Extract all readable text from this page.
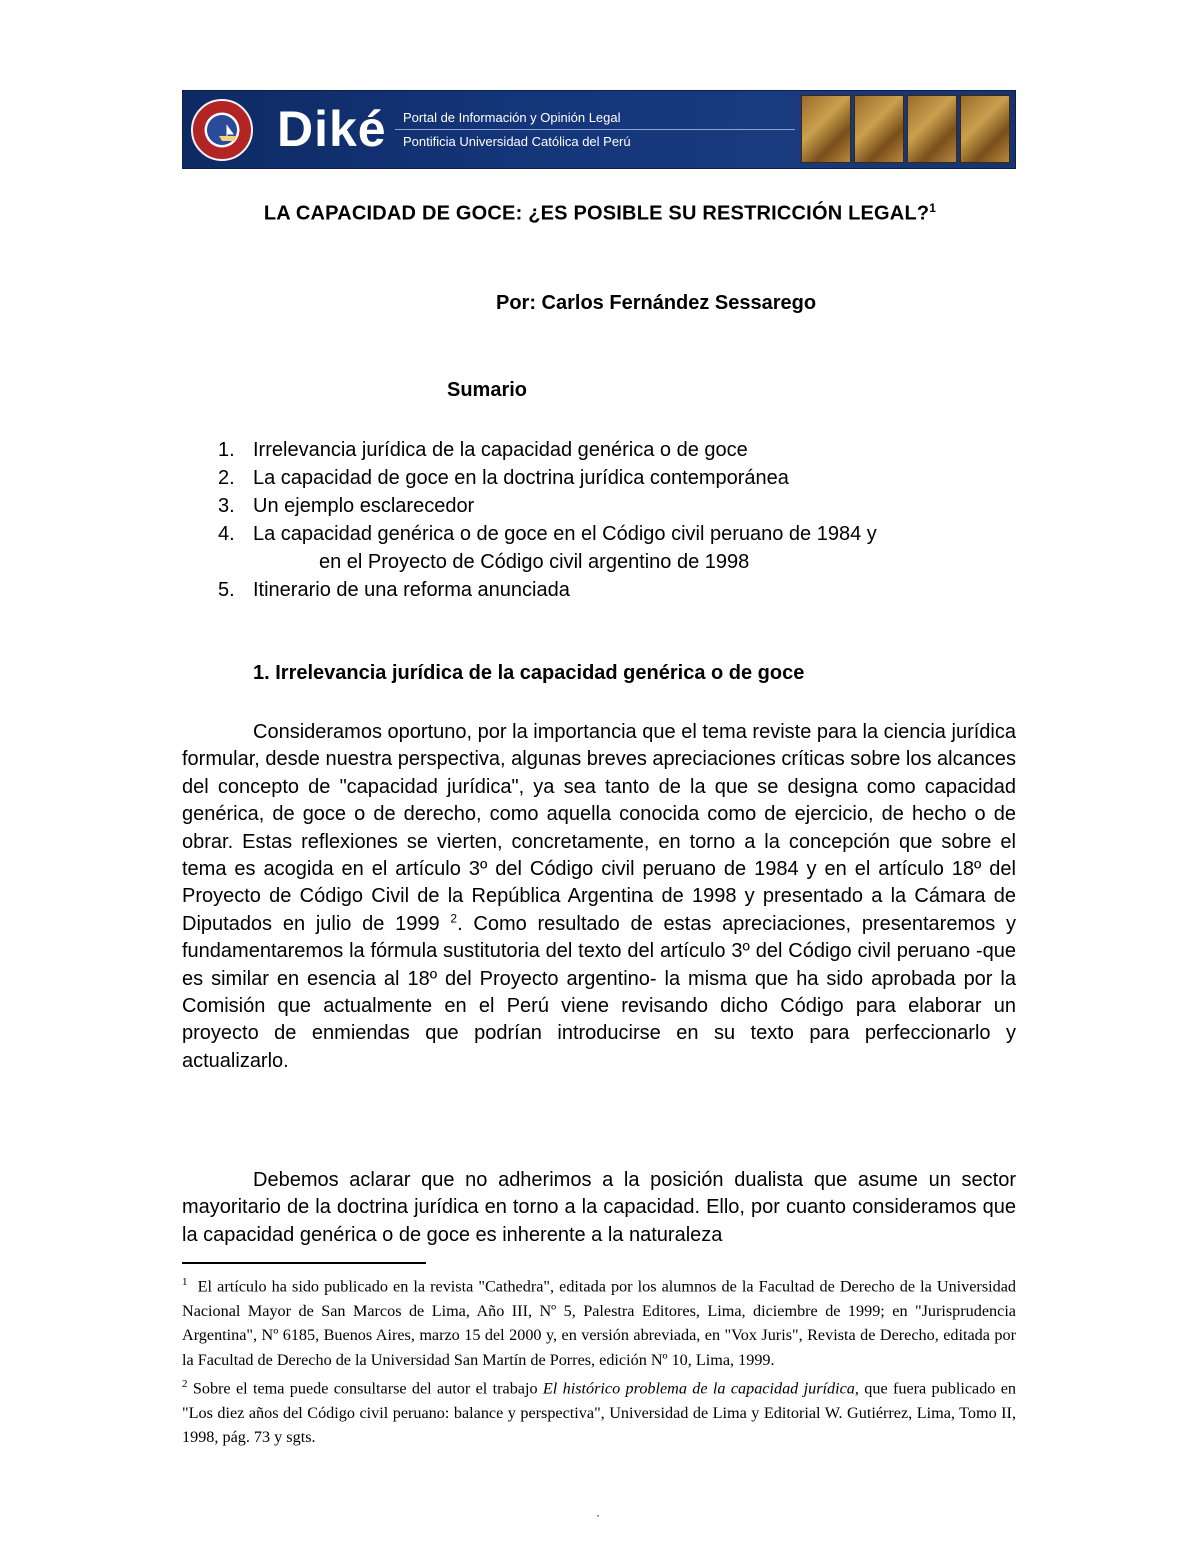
Diké Portal de Información y Opinión Legal
Pontificia Universidad Católica del Perú
LA CAPACIDAD DE GOCE: ¿ES POSIBLE SU RESTRICCIÓN LEGAL?$^1$
Por: Carlos Fernández Sessarego
Sumario
1. Irrelevancia jurídica de la capacidad genérica o de goce
2. La capacidad de goce en la doctrina jurídica contemporánea
3. Un ejemplo esclarecedor
4. La capacidad genérica o de goce en el Código civil peruano de 1984 y
en el Proyecto de Código civil argentino de 1998
5. Itinerario de una reforma anunciada
1. Irrelevancia jurídica de la capacidad genérica o de goce

Consideramos oportuno, por la importancia que el tema reviste para la ciencia jurídica formular, desde nuestra perspectiva, algunas breves apreciaciones críticas sobre los alcances del concepto de "capacidad jurídica", ya sea tanto de la que se designa como capacidad genérica, de goce o de derecho, como aquella conocida como de ejercicio, de hecho o de obrar. Estas reflexiones se vierten, concretamente, en torno a la concepción que sobre el tema es acogida en el artículo 3º del Código civil peruano de 1984 y en el artículo 18º del Proyecto de Código Civil de la República Argentina de 1998 y presentado a la Cámara de Diputados en julio de 1999 $^2$. Como resultado de estas apreciaciones, presentaremos y fundamentaremos la fórmula sustitutoria del texto del artículo 3º del Código civil peruano -que es similar en esencia al 18º del Proyecto argentino- la misma que ha sido aprobada por la Comisión que actualmente en el Perú viene revisando dicho Código para elaborar un proyecto de enmiendas que podrían introducirse en su texto para perfeccionarlo y actualizarlo.

Debemos aclarar que no adherimos a la posición dualista que asume un sector mayoritario de la doctrina jurídica en torno a la capacidad. Ello, por cuanto consideramos que la capacidad genérica o de goce es inherente a la naturaleza

$^1$ El artículo ha sido publicado en la revista "Cathedra", editada por los alumnos de la Facultad de Derecho de la Universidad Nacional Mayor de San Marcos de Lima, Año III, Nº 5, Palestra Editores, Lima, diciembre de 1999; en "Jurisprudencia Argentina", Nº 6185, Buenos Aires, marzo 15 del 2000 y, en versión abreviada, en "Vox Juris", Revista de Derecho, editada por la Facultad de Derecho de la Universidad San Martín de Porres, edición Nº 10, Lima, 1999.

$^2$ Sobre el tema puede consultarse del autor el trabajo El histórico problema de la capacidad jurídica, que fuera publicado en "Los diez años del Código civil peruano: balance y perspectiva", Universidad de Lima y Editorial W. Gutiérrez, Lima, Tomo II, 1998, pág. 73 y sgts.

·
